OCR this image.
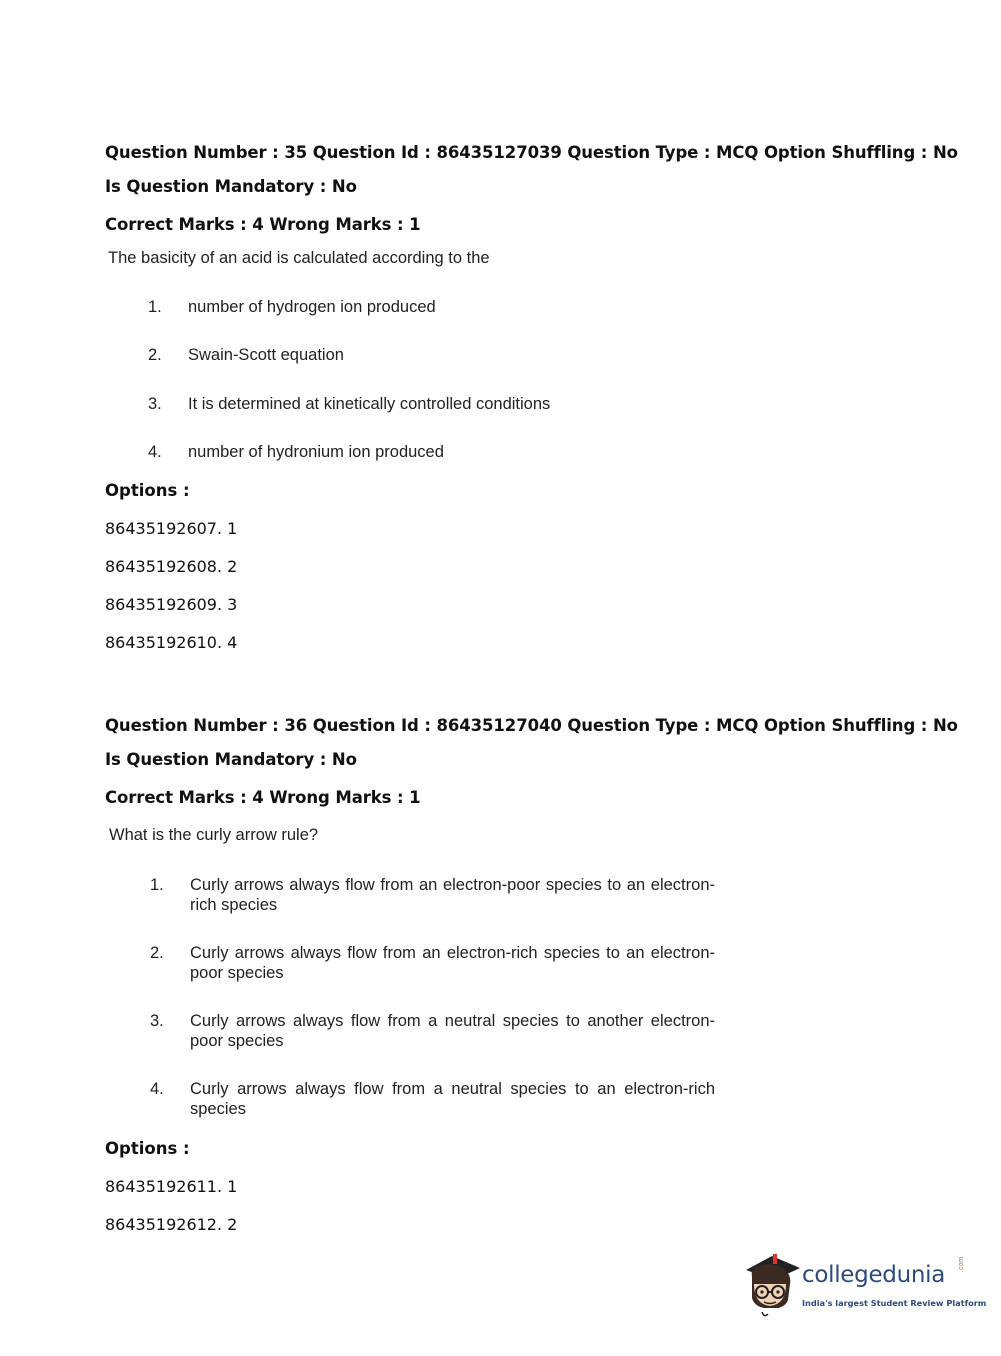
Question Number : 35 Question Id : 86435127039 Question Type : MCQ Option Shuffling : No

Is Question Mandatory : No

Correct Marks : 4 Wrong Marks : 1

The basicity of an acid is calculated according to the

1.	number of hydrogen ion produced
2.	Swain-Scott equation
3.	It is determined at kinetically controlled conditions
4.	number of hydronium ion produced

Options :

86435192607. 1

86435192608. 2

86435192609. 3

86435192610. 4

Question Number : 36 Question Id : 86435127040 Question Type : MCQ Option Shuffling : No

Is Question Mandatory : No

Correct Marks : 4 Wrong Marks : 1

What is the curly arrow rule?

1.	Curly arrows always flow from an electron-poor species to an electron-rich species
2.	Curly arrows always flow from an electron-rich species to an electron-poor species
3.	Curly arrows always flow from a neutral species to another electron-poor species
4.	Curly arrows always flow from a neutral species to an electron-rich species

Options :

86435192611. 1

86435192612. 2

collegedunia .com
India's largest Student Review Platform
